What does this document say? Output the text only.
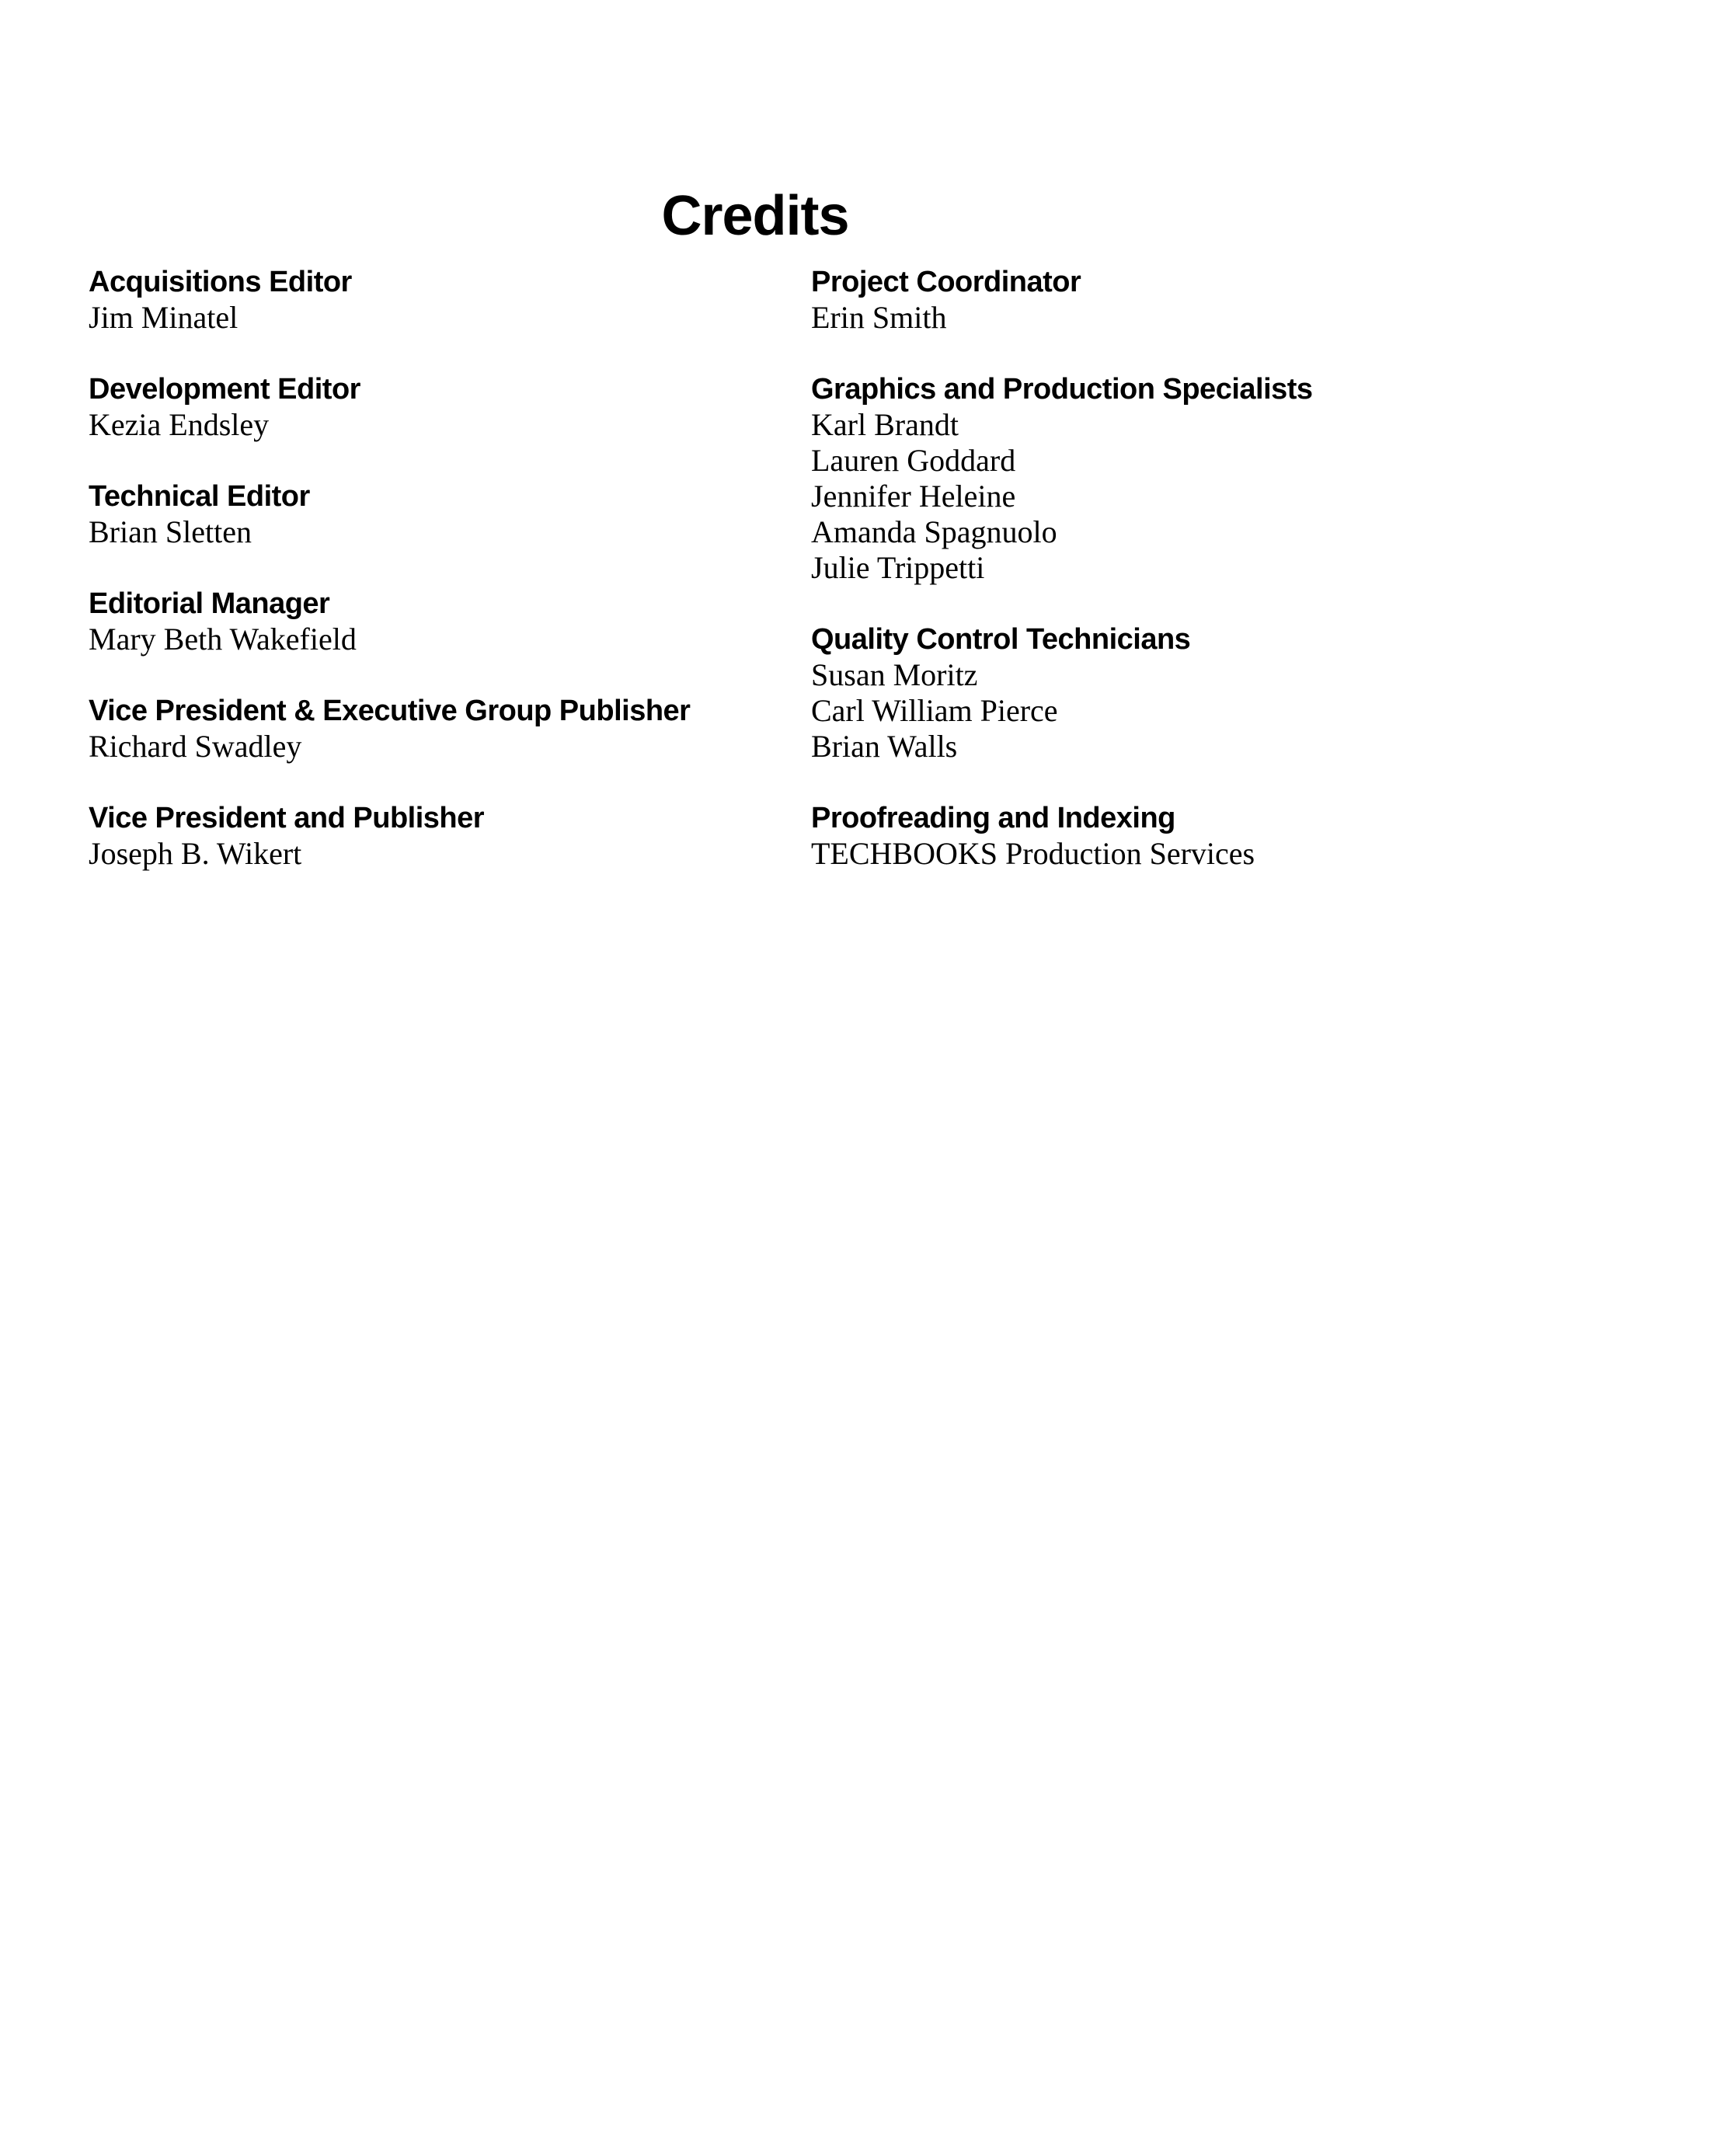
Credits
Acquisitions Editor
Jim Minatel
Development Editor
Kezia Endsley
Technical Editor
Brian Sletten
Editorial Manager
Mary Beth Wakefield
Vice President & Executive Group Publisher
Richard Swadley
Vice President and Publisher
Joseph B. Wikert
Project Coordinator
Erin Smith
Graphics and Production Specialists
Karl Brandt
Lauren Goddard
Jennifer Heleine
Amanda Spagnuolo
Julie Trippetti
Quality Control Technicians
Susan Moritz
Carl William Pierce
Brian Walls
Proofreading and Indexing
TECHBOOKS Production Services
